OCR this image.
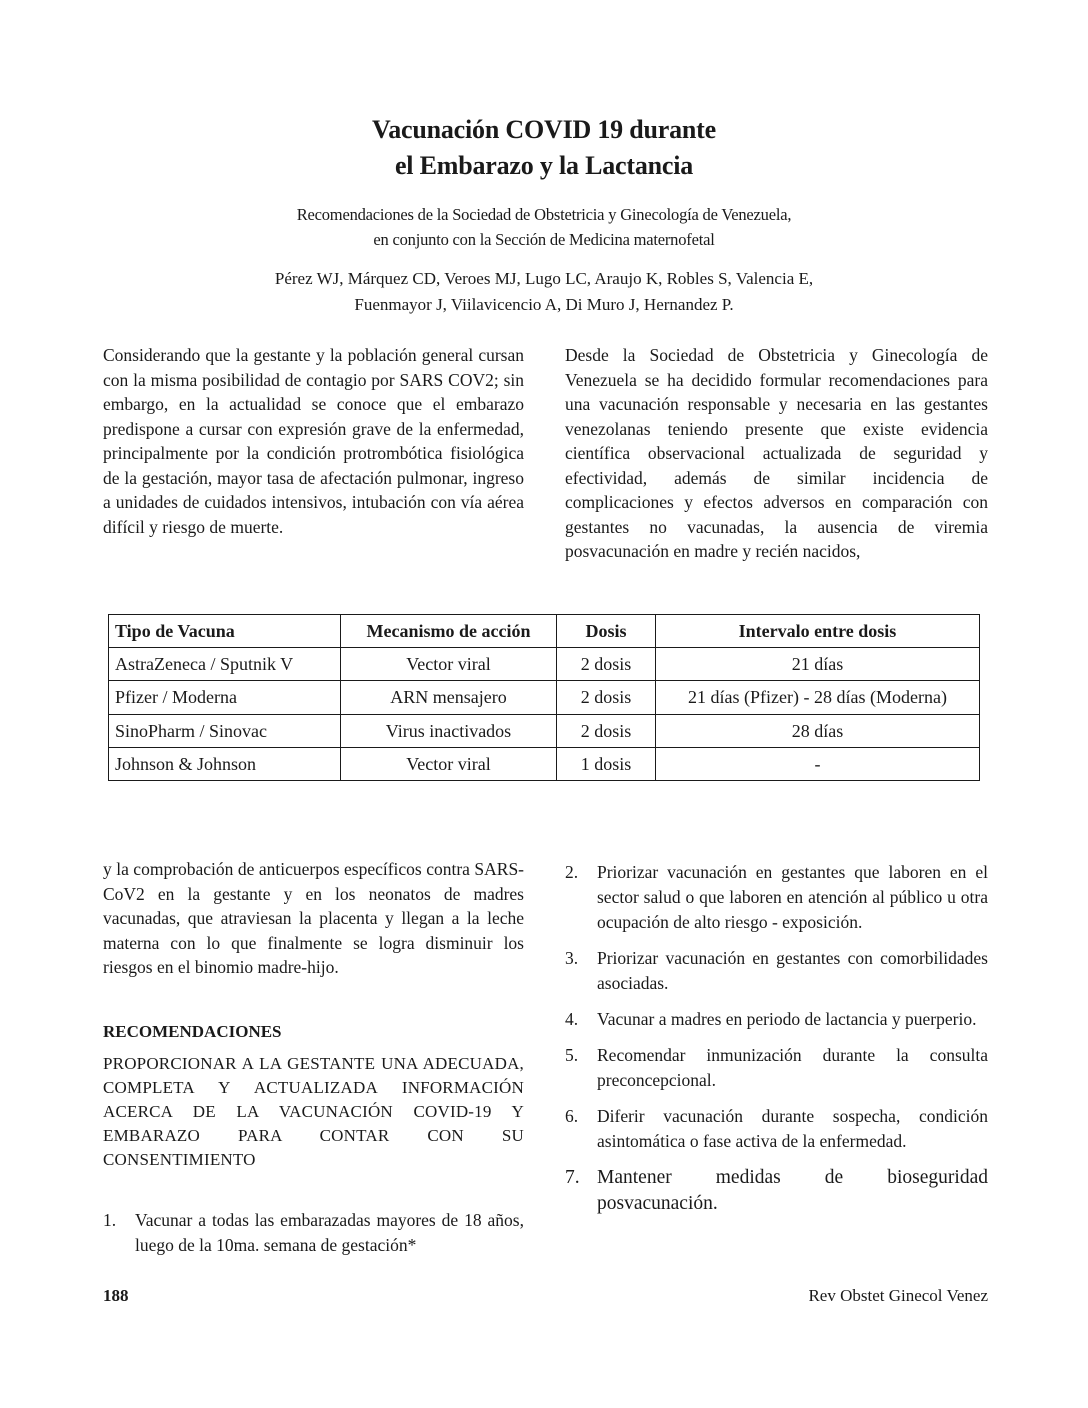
Vacunación COVID 19 durante
el Embarazo y la Lactancia
Recomendaciones de la Sociedad de Obstetricia y Ginecología de Venezuela,
en conjunto con la Sección de Medicina maternofetal
Pérez WJ, Márquez CD, Veroes MJ, Lugo LC, Araujo K, Robles S, Valencia E,
Fuenmayor J, Viilavicencio A, Di Muro J, Hernandez P.

Considerando que la gestante y la población general cursan con la misma posibilidad de contagio por SARS COV2; sin embargo, en la actualidad se conoce que el embarazo predispone a cursar con expresión grave de la enfermedad, principalmente por la condición protrombótica fisiológica de la gestación, mayor tasa de afectación pulmonar, ingreso a unidades de cuidados intensivos, intubación con vía aérea difícil y riesgo de muerte.

Desde la Sociedad de Obstetricia y Ginecología de Venezuela se ha decidido formular recomendaciones para una vacunación responsable y necesaria en las gestantes venezolanas teniendo presente que existe evidencia científica observacional actualizada de seguridad y efectividad, además de similar incidencia de complicaciones y efectos adversos en comparación con gestantes no vacunadas, la ausencia de viremia posvacunación en madre y recién nacidos,

Tipo de Vacuna	Mecanismo de acción	Dosis	Intervalo entre dosis
AstraZeneca / Sputnik V	Vector viral	2 dosis	21 días
Pfizer / Moderna	ARN mensajero	2 dosis	21 días (Pfizer) - 28 días (Moderna)
SinoPharm / Sinovac	Virus inactivados	2 dosis	28 días
Johnson & Johnson	Vector viral	1 dosis	-

y la comprobación de anticuerpos específicos contra SARS-CoV2 en la gestante y en los neonatos de madres vacunadas, que atraviesan la placenta y llegan a la leche materna con lo que finalmente se logra disminuir los riesgos en el binomio madre-hijo.

RECOMENDACIONES

PROPORCIONAR A LA GESTANTE UNA ADECUADA, COMPLETA Y ACTUALIZADA INFORMACIÓN ACERCA DE LA VACUNACIÓN COVID-19 Y EMBARAZO PARA CONTAR CON SU CONSENTIMIENTO

1.	Vacunar a todas las embarazadas mayores de 18 años, luego de la 10ma. semana de gestación*
2.	Priorizar vacunación en gestantes que laboren en el sector salud o que laboren en atención al público u otra ocupación de alto riesgo - exposición.
3.	Priorizar vacunación en gestantes con comorbilidades asociadas.
4.	Vacunar a madres en periodo de lactancia y puerperio.
5.	Recomendar inmunización durante la consulta preconcepcional.
6.	Diferir vacunación durante sospecha, condición asintomática o fase activa de la enfermedad.
7. Mantener medidas de bioseguridad posvacunación.
188	Rev Obstet Ginecol Venez
